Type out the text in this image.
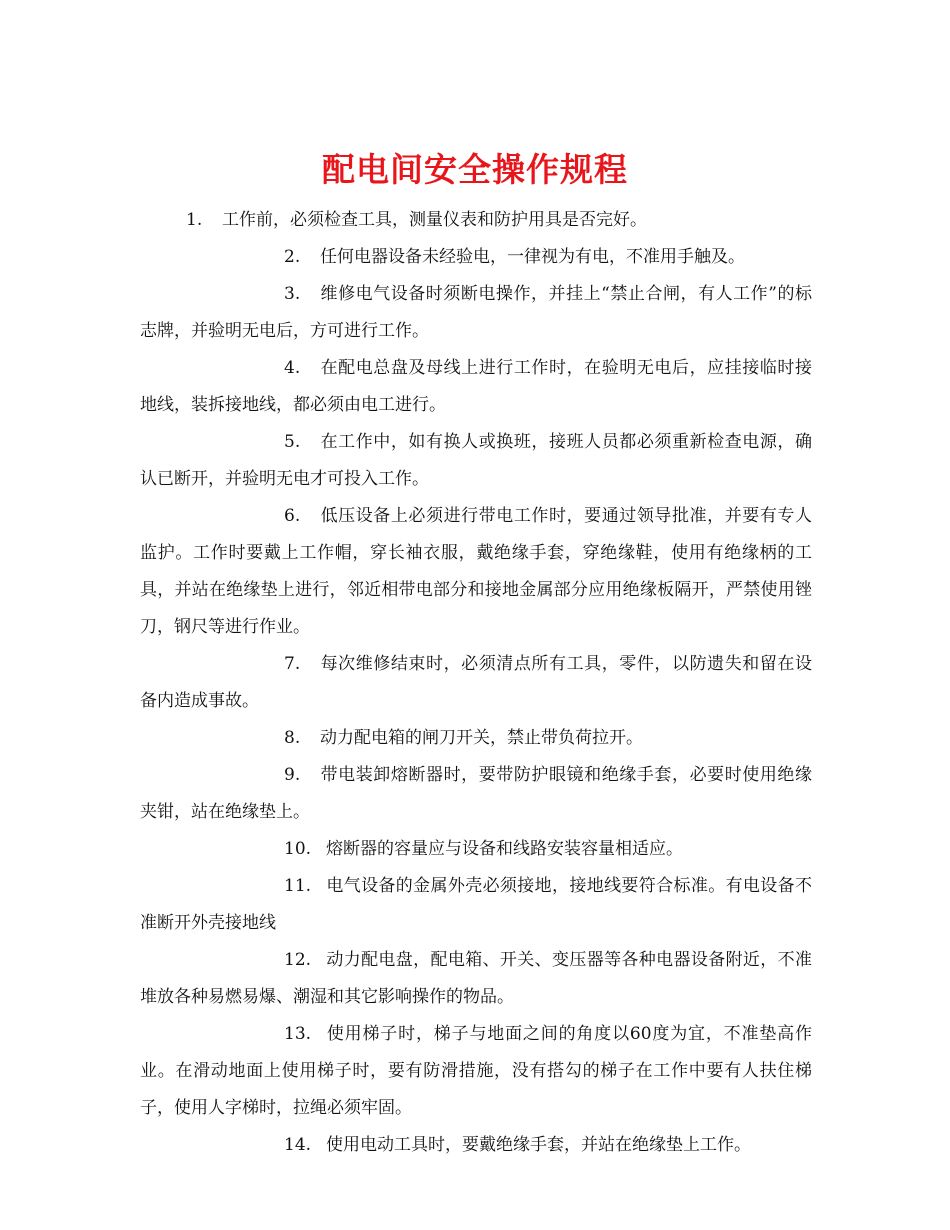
配电间安全操作规程

1. 工作前，必须检查工具，测量仪表和防护用具是否完好。

2. 任何电器设备未经验电，一律视为有电，不准用手触及。

3. 维修电气设备时须断电操作，并挂上“禁止合闸，有人工作”的标志牌，并验明无电后，方可进行工作。

4. 在配电总盘及母线上进行工作时，在验明无电后，应挂接临时接地线，装拆接地线，都必须由电工进行。

5. 在工作中，如有换人或换班，接班人员都必须重新检查电源，确认已断开，并验明无电才可投入工作。

6. 低压设备上必须进行带电工作时，要通过领导批准，并要有专人监护。工作时要戴上工作帽，穿长袖衣服，戴绝缘手套，穿绝缘鞋，使用有绝缘柄的工具，并站在绝缘垫上进行，邻近相带电部分和接地金属部分应用绝缘板隔开，严禁使用锉刀，钢尺等进行作业。

7. 每次维修结束时，必须清点所有工具，零件，以防遗失和留在设备内造成事故。

8. 动力配电箱的闸刀开关，禁止带负荷拉开。

9. 带电装卸熔断器时，要带防护眼镜和绝缘手套，必要时使用绝缘夹钳，站在绝缘垫上。

10. 熔断器的容量应与设备和线路安装容量相适应。

11. 电气设备的金属外壳必须接地，接地线要符合标准。有电设备不准断开外壳接地线

12. 动力配电盘，配电箱、开关、变压器等各种电器设备附近，不准堆放各种易燃易爆、潮湿和其它影响操作的物品。

13. 使用梯子时，梯子与地面之间的角度以60度为宜，不准垫高作业。在滑动地面上使用梯子时，要有防滑措施，没有搭勾的梯子在工作中要有人扶住梯子，使用人字梯时，拉绳必须牢固。

14. 使用电动工具时，要戴绝缘手套，并站在绝缘垫上工作。
